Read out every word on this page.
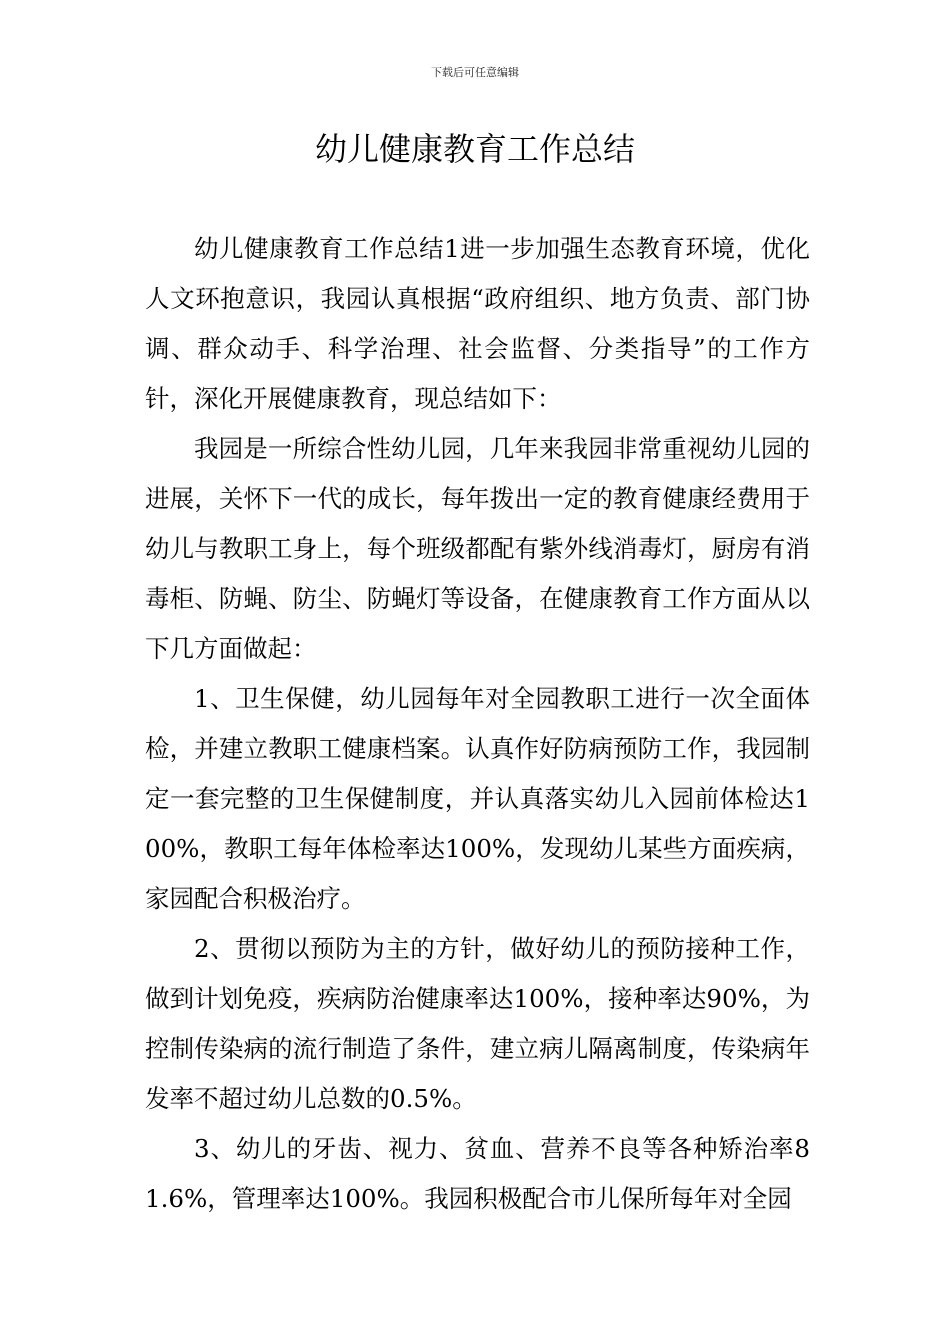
下载后可任意编辑
幼儿健康教育工作总结

幼儿健康教育工作总结1进一步加强生态教育环境，优化人文环抱意识，我园认真根据“政府组织、地方负责、部门协调、群众动手、科学治理、社会监督、分类指导”的工作方针，深化开展健康教育，现总结如下：

我园是一所综合性幼儿园，几年来我园非常重视幼儿园的进展，关怀下一代的成长，每年拨出一定的教育健康经费用于幼儿与教职工身上，每个班级都配有紫外线消毒灯，厨房有消毒柜、防蝇、防尘、防蝇灯等设备，在健康教育工作方面从以下几方面做起：

1、卫生保健，幼儿园每年对全园教职工进行一次全面体检，并建立教职工健康档案。认真作好防病预防工作，我园制定一套完整的卫生保健制度，并认真落实幼儿入园前体检达100%，教职工每年体检率达100%，发现幼儿某些方面疾病，家园配合积极治疗。

2、贯彻以预防为主的方针，做好幼儿的预防接种工作，做到计划免疫，疾病防治健康率达100%，接种率达90%，为控制传染病的流行制造了条件，建立病儿隔离制度，传染病年发率不超过幼儿总数的0.5%。

3、幼儿的牙齿、视力、贫血、营养不良等各种矫治率81.6%，管理率达100%。我园积极配合市儿保所每年对全园
